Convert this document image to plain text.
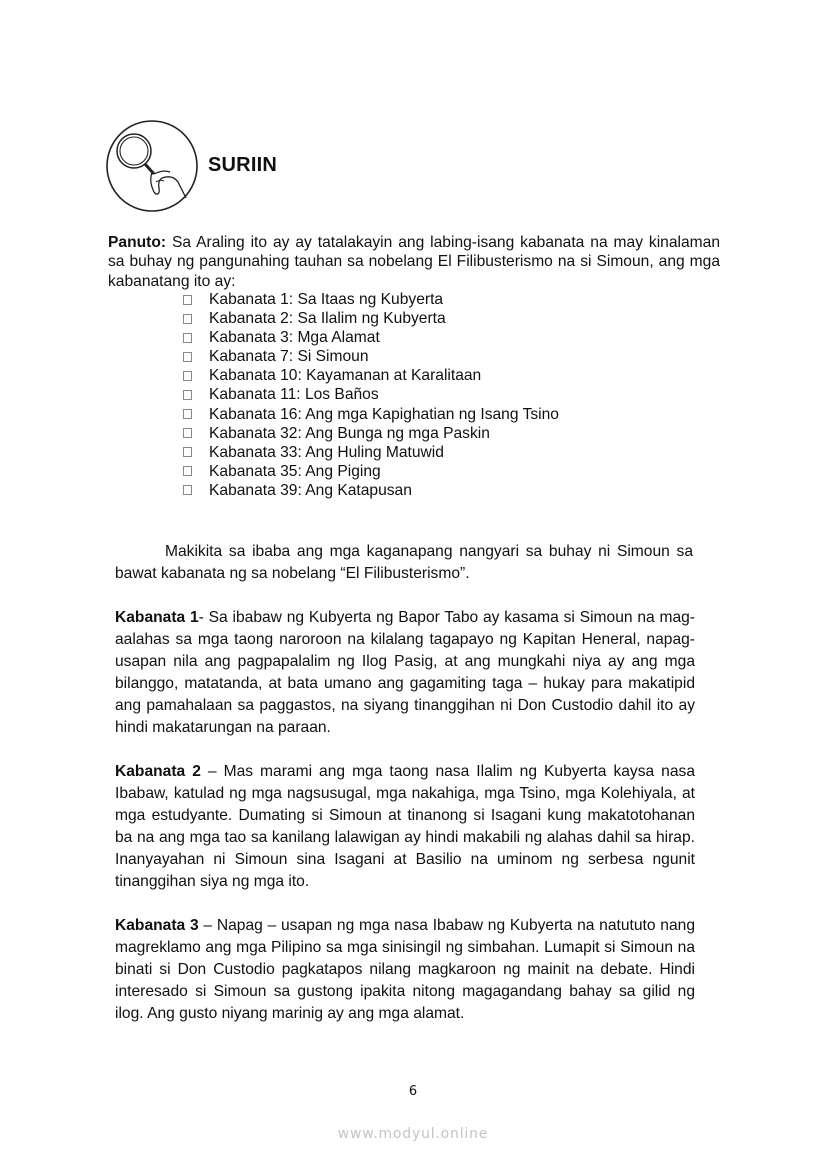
SURIIN
Panuto: Sa Araling ito ay ay tatalakayin ang labing-isang kabanata na may kinalaman sa buhay ng pangunahing tauhan sa nobelang El Filibusterismo na si Simoun, ang mga kabanatang ito ay:
Kabanata 1: Sa Itaas ng Kubyerta
Kabanata 2: Sa Ilalim ng Kubyerta
Kabanata 3: Mga Alamat
Kabanata 7: Si Simoun
Kabanata 10: Kayamanan at Karalitaan
Kabanata 11: Los Baños
Kabanata 16: Ang mga Kapighatian ng Isang Tsino
Kabanata 32: Ang Bunga ng mga Paskin
Kabanata 33: Ang Huling Matuwid
Kabanata 35: Ang Piging
Kabanata 39: Ang Katapusan
Makikita sa ibaba ang mga kaganapang nangyari sa buhay ni Simoun sa bawat kabanata ng sa nobelang “El Filibusterismo”.
Kabanata 1- Sa ibabaw ng Kubyerta ng Bapor Tabo ay kasama si Simoun na mag-aalahas sa mga taong naroroon na kilalang tagapayo ng Kapitan Heneral, napag-usapan nila ang pagpapalalim ng Ilog Pasig, at ang mungkahi niya ay ang mga bilanggo, matatanda, at bata umano ang gagamiting taga – hukay para makatipid ang pamahalaan sa paggastos, na siyang tinanggihan ni Don Custodio dahil ito ay hindi makatarungan na paraan.
Kabanata 2 – Mas marami ang mga taong nasa Ilalim ng Kubyerta kaysa nasa Ibabaw, katulad ng mga nagsusugal, mga nakahiga, mga Tsino, mga Kolehiyala, at mga estudyante. Dumating si Simoun at tinanong si Isagani kung makatotohanan ba na ang mga tao sa kanilang lalawigan ay hindi makabili ng alahas dahil sa hirap. Inanyayahan ni Simoun sina Isagani at Basilio na uminom ng serbesa ngunit tinanggihan siya ng mga ito.
Kabanata 3 – Napag – usapan ng mga nasa Ibabaw ng Kubyerta na natututo nang magreklamo ang mga Pilipino sa mga sinisingil ng simbahan. Lumapit si Simoun na binati si Don Custodio pagkatapos nilang magkaroon ng mainit na debate. Hindi interesado si Simoun sa gustong ipakita nitong magagandang bahay sa gilid ng ilog. Ang gusto niyang marinig ay ang mga alamat.
6
www.modyul.online
